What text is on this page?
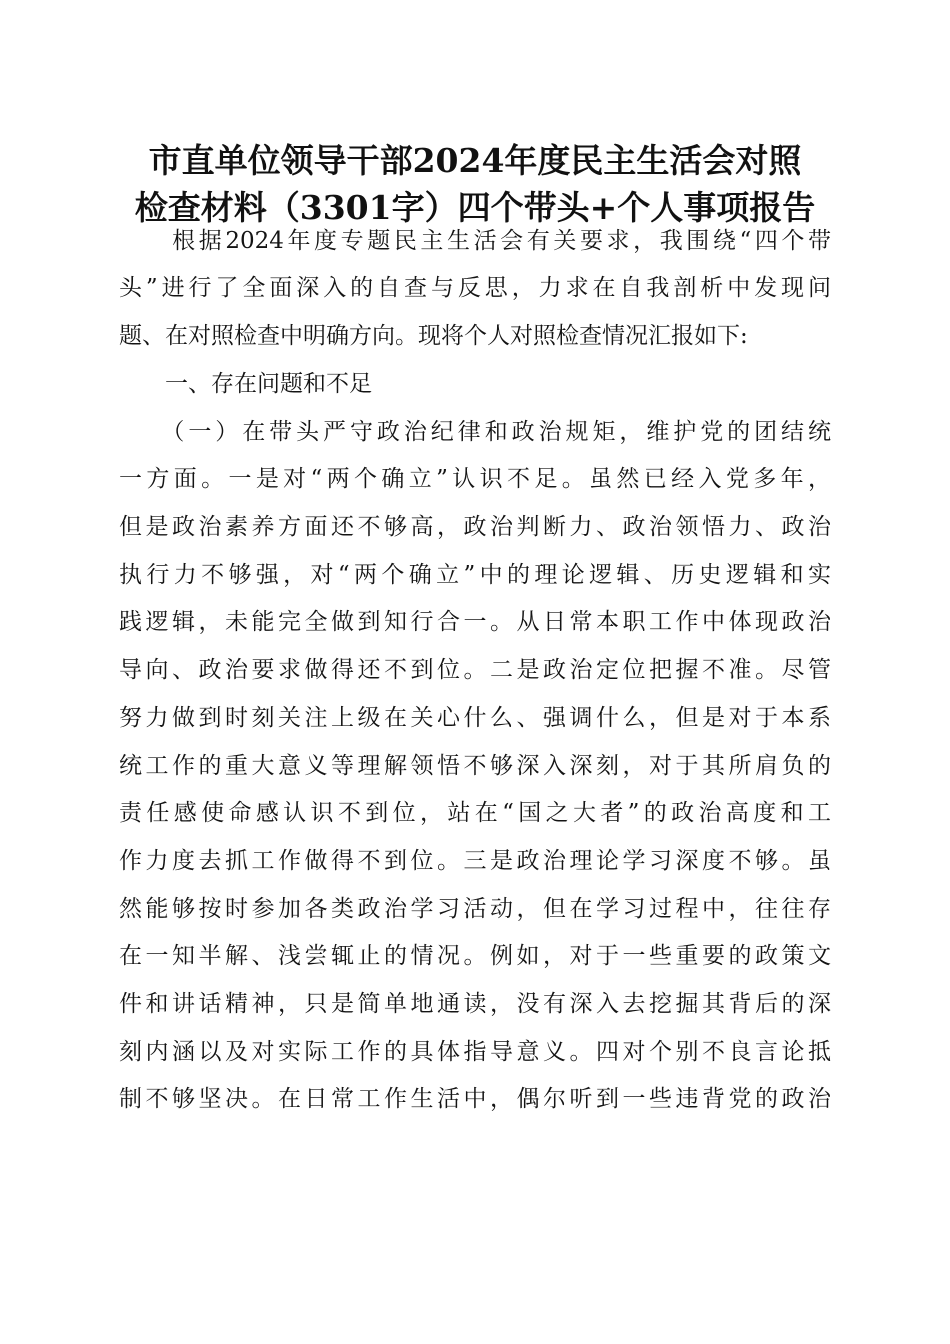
市直单位领导干部2024年度民主生活会对照
检查材料（3301字）四个带头+个人事项报告
　　根据2024年度专题民主生活会有关要求，我围绕“四个带
头”进行了全面深入的自查与反思，力求在自我剖析中发现问
题、在对照检查中明确方向。现将个人对照检查情况汇报如下:
　　一、存在问题和不足
　　（一）在带头严守政治纪律和政治规矩，维护党的团结统
一方面。一是对“两个确立”认识不足。虽然已经入党多年，
但是政治素养方面还不够高，政治判断力、政治领悟力、政治
执行力不够强，对“两个确立”中的理论逻辑、历史逻辑和实
践逻辑，未能完全做到知行合一。从日常本职工作中体现政治
导向、政治要求做得还不到位。二是政治定位把握不准。尽管
努力做到时刻关注上级在关心什么、强调什么，但是对于本系
统工作的重大意义等理解领悟不够深入深刻，对于其所肩负的
责任感使命感认识不到位，站在“国之大者”的政治高度和工
作力度去抓工作做得不到位。三是政治理论学习深度不够。虽
然能够按时参加各类政治学习活动，但在学习过程中，往往存
在一知半解、浅尝辄止的情况。例如，对于一些重要的政策文
件和讲话精神，只是简单地通读，没有深入去挖掘其背后的深
刻内涵以及对实际工作的具体指导意义。四对个别不良言论抵
制不够坚决。在日常工作生活中，偶尔听到一些违背党的政治
